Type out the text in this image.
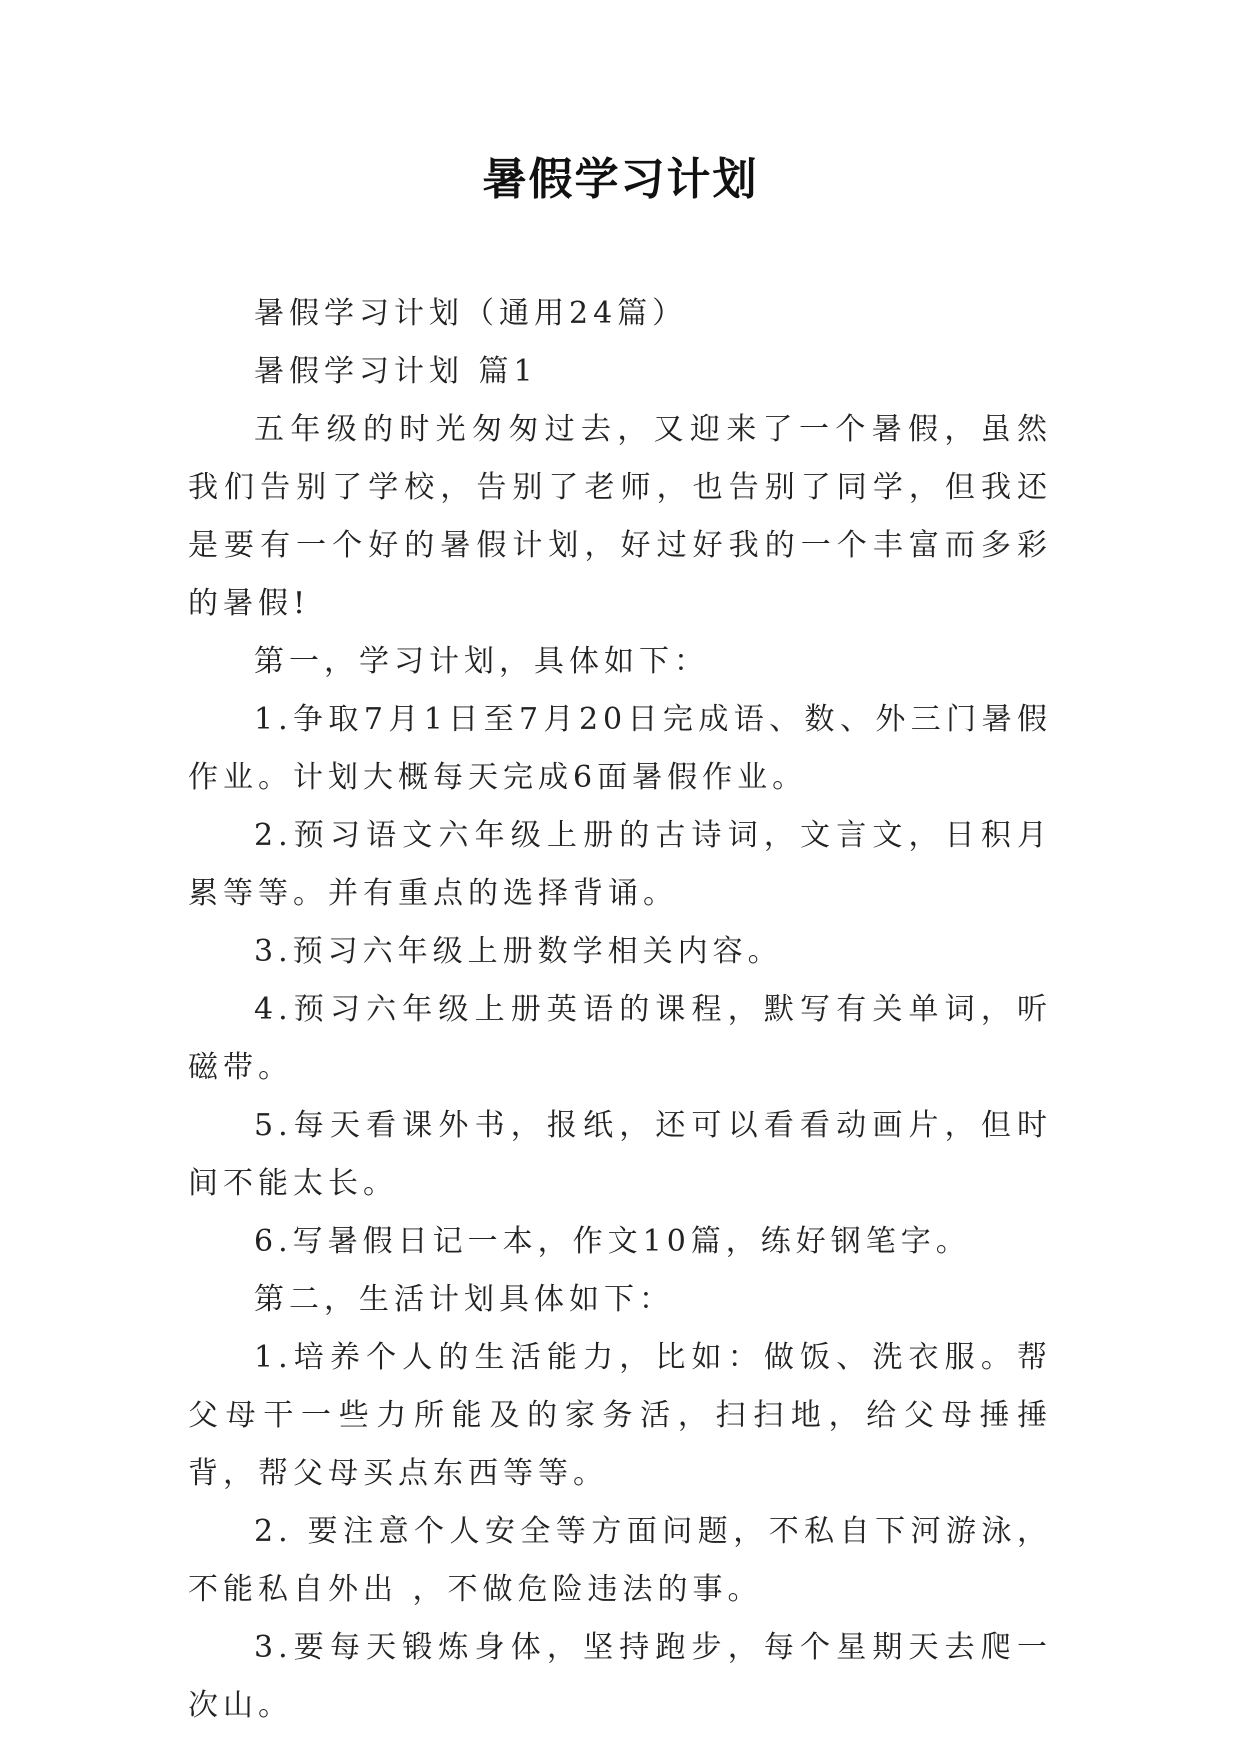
暑假学习计划

暑假学习计划（通用24篇）

暑假学习计划 篇1

五年级的时光匆匆过去，又迎来了一个暑假，虽然我们告别了学校，告别了老师，也告别了同学，但我还是要有一个好的暑假计划，好过好我的一个丰富而多彩的暑假!

第一，学习计划，具体如下：

1.争取7月1日至7月20日完成语、数、外三门暑假作业。计划大概每天完成6面暑假作业。

2.预习语文六年级上册的古诗词，文言文，日积月累等等。并有重点的选择背诵。

3.预习六年级上册数学相关内容。

4.预习六年级上册英语的课程，默写有关单词，听磁带。

5.每天看课外书，报纸，还可以看看动画片，但时间不能太长。

6.写暑假日记一本，作文10篇，练好钢笔字。

第二，生活计划具体如下：

1.培养个人的生活能力，比如：做饭、洗衣服。帮父母干一些力所能及的家务活，扫扫地，给父母捶捶背，帮父母买点东西等等。

2. 要注意个人安全等方面问题，不私自下河游泳，不能私自外出 ，不做危险违法的事。

3.要每天锻炼身体，坚持跑步，每个星期天去爬一次山。
